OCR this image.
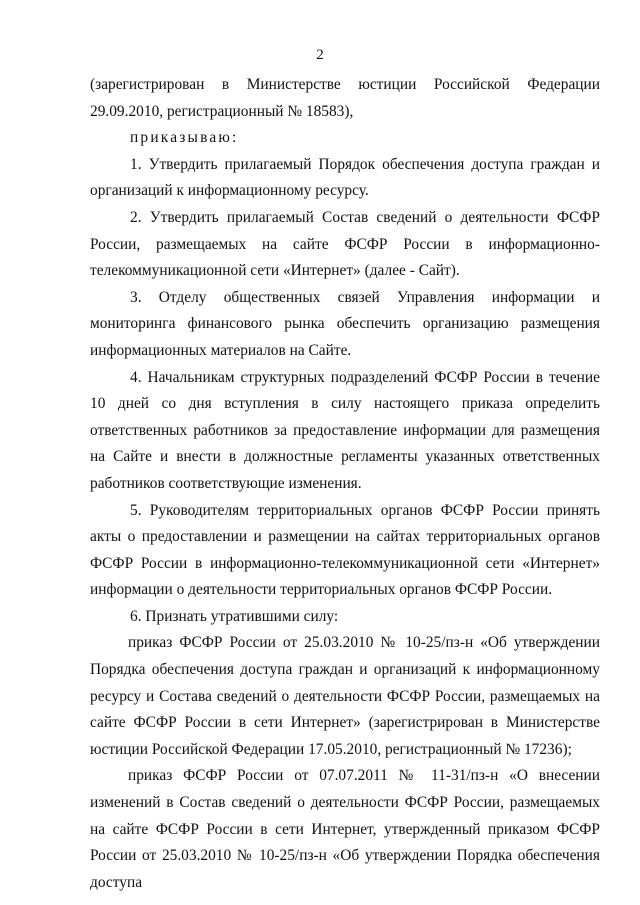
2

(зарегистрирован в Министерстве юстиции Российской Федерации 29.09.2010, регистрационный № 18583),

приказываю:

1. Утвердить прилагаемый Порядок обеспечения доступа граждан и организаций к информационному ресурсу.

2. Утвердить прилагаемый Состав сведений о деятельности ФСФР России, размещаемых на сайте ФСФР России в информационно-телекоммуникационной сети «Интернет» (далее - Сайт).

3. Отделу общественных связей Управления информации и мониторинга финансового рынка обеспечить организацию размещения информационных материалов на Сайте.

4. Начальникам структурных подразделений ФСФР России в течение 10 дней со дня вступления в силу настоящего приказа определить ответственных работников за предоставление информации для размещения на Сайте и внести в должностные регламенты указанных ответственных работников соответствующие изменения.

5. Руководителям территориальных органов ФСФР России принять акты о предоставлении и размещении на сайтах территориальных органов ФСФР России в информационно-телекоммуникационной сети «Интернет» информации о деятельности территориальных органов ФСФР России.

6. Признать утратившими силу:

приказ ФСФР России от 25.03.2010 № 10-25/пз-н «Об утверждении Порядка обеспечения доступа граждан и организаций к информационному ресурсу и Состава сведений о деятельности ФСФР России, размещаемых на сайте ФСФР России в сети Интернет» (зарегистрирован в Министерстве юстиции Российской Федерации 17.05.2010, регистрационный № 17236);

приказ ФСФР России от 07.07.2011 № 11-31/пз-н «О внесении изменений в Состав сведений о деятельности ФСФР России, размещаемых на сайте ФСФР России в сети Интернет, утвержденный приказом ФСФР России от 25.03.2010 № 10-25/пз-н «Об утверждении Порядка обеспечения доступа
